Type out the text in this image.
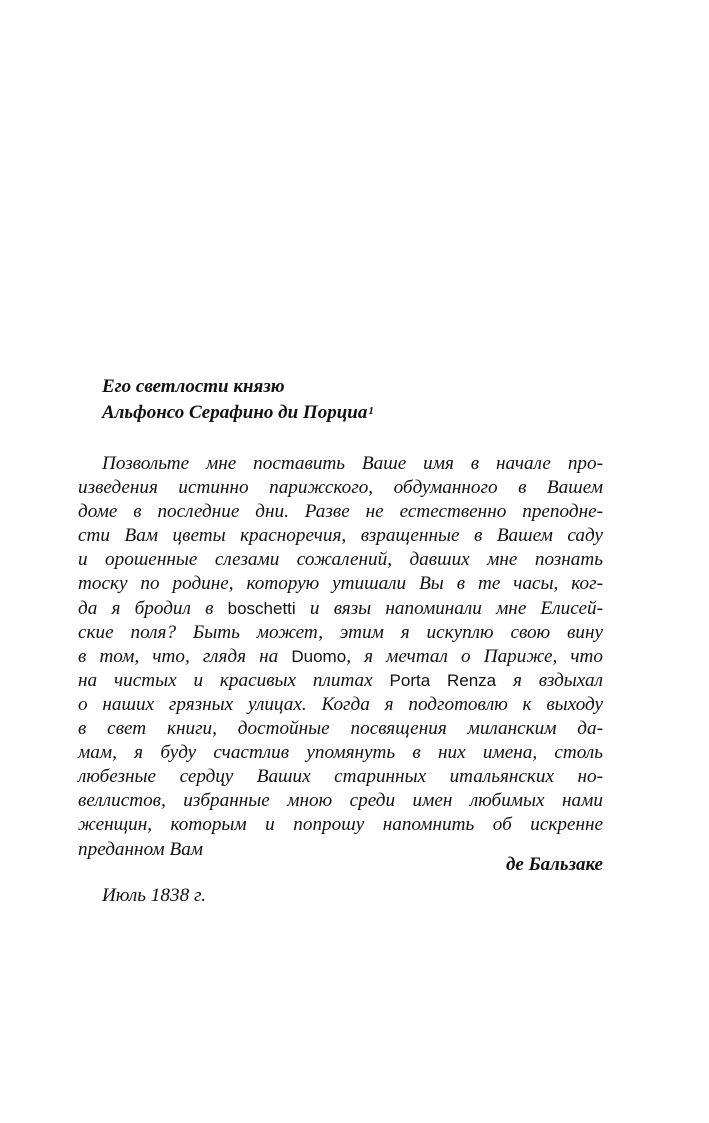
Его светлости князю
Альфонсо Серафино ди Порциа$^1$
Позвольте мне поставить Ваше имя в начале про-
изведения истинно парижского, обдуманного в Вашем
доме в последние дни. Разве не естественно преподне-
сти Вам цветы красноречия, взращенные в Вашем саду
и орошенные слезами сожалений, давших мне познать
тоску по родине, которую утишали Вы в те часы, ког-
да я бродил в boschetti и вязы напоминали мне Елисей-
ские поля? Быть может, этим я искуплю свою вину
в том, что, глядя на Duomo, я мечтал о Париже, что
на чистых и красивых плитах Porta Renza я вздыхал
о наших грязных улицах. Когда я подготовлю к выходу
в свет книги, достойные посвящения миланским да-
мам, я буду счастлив упомянуть в них имена, столь
любезные сердцу Ваших старинных итальянских но-
веллистов, избранные мною среди имен любимых нами
женщин, которым и попрошу напомнить об искренне
преданном Вам
де Бальзаке
Июль 1838 г.
